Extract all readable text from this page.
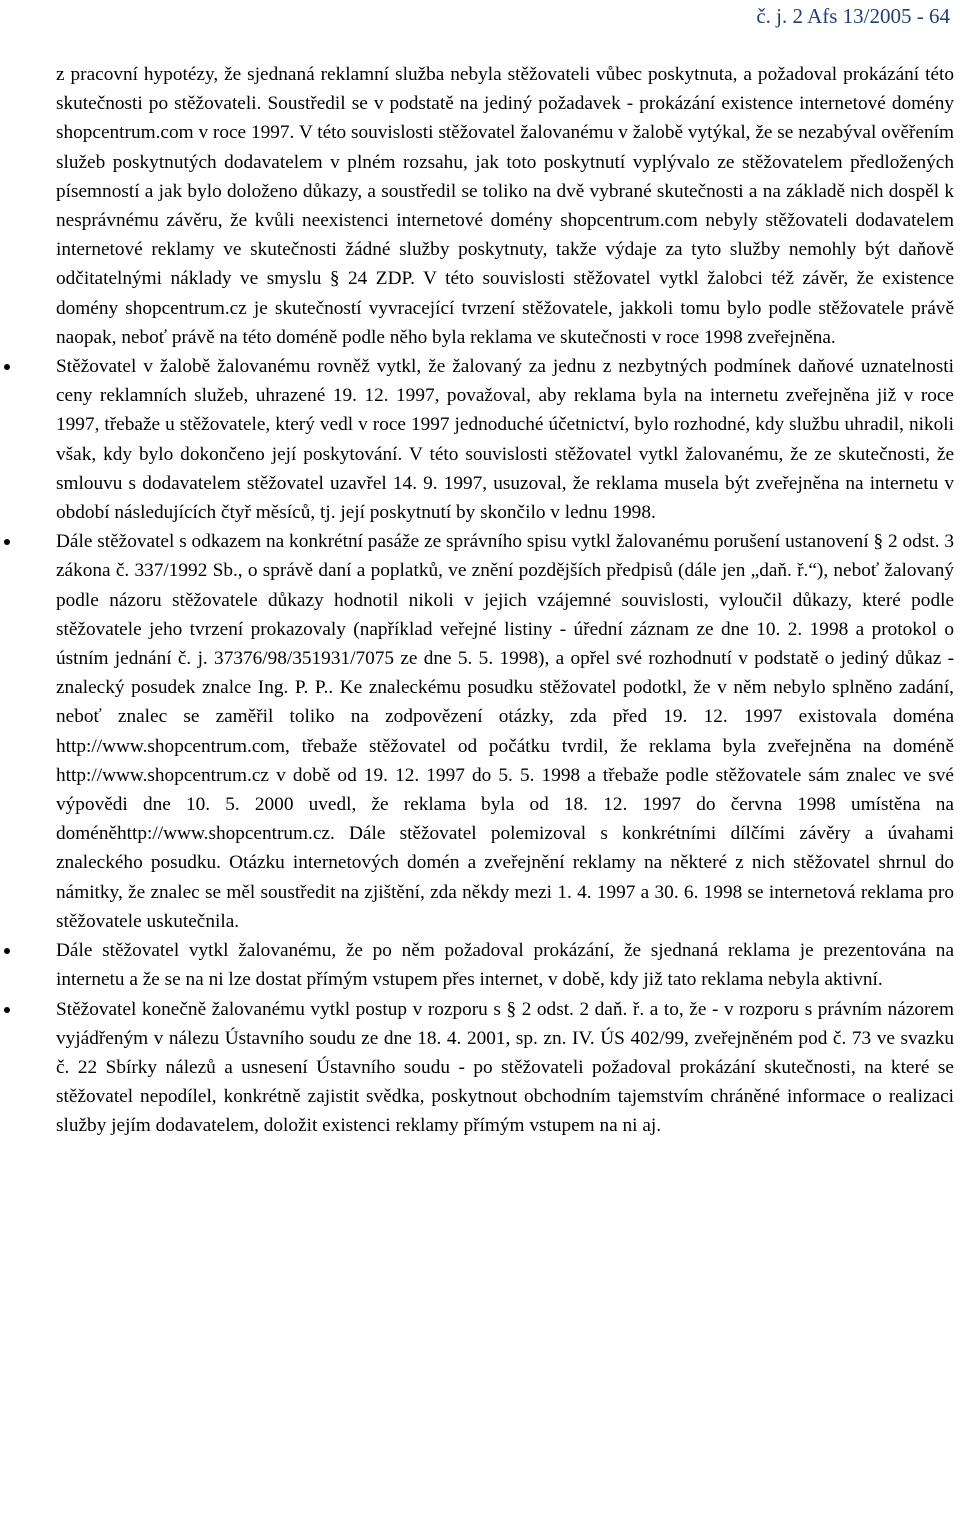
č. j. 2 Afs 13/2005 - 64

z pracovní hypotézy, že sjednaná reklamní služba nebyla stěžovateli vůbec poskytnuta, a požadoval prokázání této skutečnosti po stěžovateli. Soustředil se v podstatě na jediný požadavek - prokázání existence internetové domény shopcentrum.com v roce 1997. V této souvislosti stěžovatel žalovanému v žalobě vytýkal, že se nezabýval ověřením služeb poskytnutých dodavatelem v plném rozsahu, jak toto poskytnutí vyplývalo ze stěžovatelem předložených písemností a jak bylo doloženo důkazy, a soustředil se toliko na dvě vybrané skutečnosti a na základě nich dospěl k nesprávnému závěru, že kvůli neexistenci internetové domény shopcentrum.com nebyly stěžovateli dodavatelem internetové reklamy ve skutečnosti žádné služby poskytnuty, takže výdaje za tyto služby nemohly být daňově odčitatelnými náklady ve smyslu § 24 ZDP. V této souvislosti stěžovatel vytkl žalobci též závěr, že existence domény shopcentrum.cz je skutečností vyvracející tvrzení stěžovatele, jakkoli tomu bylo podle stěžovatele právě naopak, neboť právě na této doméně podle něho byla reklama ve skutečnosti v roce 1998 zveřejněna.

Stěžovatel v žalobě žalovanému rovněž vytkl, že žalovaný za jednu z nezbytných podmínek daňové uznatelnosti ceny reklamních služeb, uhrazené 19. 12. 1997, považoval, aby reklama byla na internetu zveřejněna již v roce 1997, třebaže u stěžovatele, který vedl v roce 1997 jednoduché účetnictví, bylo rozhodné, kdy službu uhradil, nikoli však, kdy bylo dokončeno její poskytování. V této souvislosti stěžovatel vytkl žalovanému, že ze skutečnosti, že smlouvu s dodavatelem stěžovatel uzavřel 14. 9. 1997, usuzoval, že reklama musela být zveřejněna na internetu v období následujících čtyř měsíců, tj. její poskytnutí by skončilo v lednu 1998.
Dále stěžovatel s odkazem na konkrétní pasáže ze správního spisu vytkl žalovanému porušení ustanovení § 2 odst. 3 zákona č. 337/1992 Sb., o správě daní a poplatků, ve znění pozdějších předpisů (dále jen „daň. ř.“), neboť žalovaný podle názoru stěžovatele důkazy hodnotil nikoli v jejich vzájemné souvislosti, vyloučil důkazy, které podle stěžovatele jeho tvrzení prokazovaly (například veřejné listiny - úřední záznam ze dne 10. 2. 1998 a protokol o ústním jednání č. j. 37376/98/351931/7075 ze dne 5. 5. 1998), a opřel své rozhodnutí v podstatě o jediný důkaz - znalecký posudek znalce Ing. P. P.. Ke znaleckému posudku stěžovatel podotkl, že v něm nebylo splněno zadání, neboť znalec se zaměřil toliko na zodpovězení otázky, zda před 19. 12. 1997 existovala doména http://www.shopcentrum.com, třebaže stěžovatel od počátku tvrdil, že reklama byla zveřejněna na doméně http://www.shopcentrum.cz v době od 19. 12. 1997 do 5. 5. 1998 a třebaže podle stěžovatele sám znalec ve své výpovědi dne 10. 5. 2000 uvedl, že reklama byla od 18. 12. 1997 do června 1998 umístěna na doméněhttp://www.shopcentrum.cz. Dále stěžovatel polemizoval s konkrétními dílčími závěry a úvahami znaleckého posudku. Otázku internetových domén a zveřejnění reklamy na některé z nich stěžovatel shrnul do námitky, že znalec se měl soustředit na zjištění, zda někdy mezi 1. 4. 1997 a 30. 6. 1998 se internetová reklama pro stěžovatele uskutečnila.
Dále stěžovatel vytkl žalovanému, že po něm požadoval prokázání, že sjednaná reklama je prezentována na internetu a že se na ni lze dostat přímým vstupem přes internet, v době, kdy již tato reklama nebyla aktivní.
Stěžovatel konečně žalovanému vytkl postup v rozporu s § 2 odst. 2 daň. ř. a to, že - v rozporu s právním názorem vyjádřeným v nálezu Ústavního soudu ze dne 18. 4. 2001, sp. zn. IV. ÚS 402/99, zveřejněném pod č. 73 ve svazku č. 22 Sbírky nálezů a usnesení Ústavního soudu - po stěžovateli požadoval prokázání skutečnosti, na které se stěžovatel nepodílel, konkrétně zajistit svědka, poskytnout obchodním tajemstvím chráněné informace o realizaci služby jejím dodavatelem, doložit existenci reklamy přímým vstupem na ni aj.
